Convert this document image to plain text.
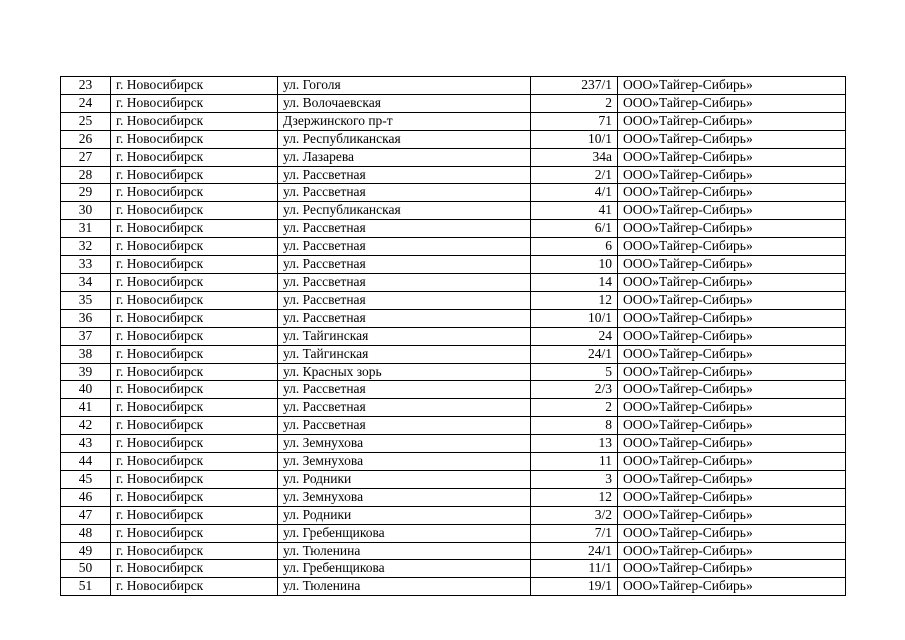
23	г. Новосибирск	ул. Гоголя	237/1	ООО»Тайгер-Сибирь»
24	г. Новосибирск	ул. Волочаевская	2	ООО»Тайгер-Сибирь»
25	г. Новосибирск	Дзержинского пр-т	71	ООО»Тайгер-Сибирь»
26	г. Новосибирск	ул. Республиканская	10/1	ООО»Тайгер-Сибирь»
27	г. Новосибирск	ул. Лазарева	34а	ООО»Тайгер-Сибирь»
28	г. Новосибирск	ул. Рассветная	2/1	ООО»Тайгер-Сибирь»
29	г. Новосибирск	ул. Рассветная	4/1	ООО»Тайгер-Сибирь»
30	г. Новосибирск	ул. Республиканская	41	ООО»Тайгер-Сибирь»
31	г. Новосибирск	ул. Рассветная	6/1	ООО»Тайгер-Сибирь»
32	г. Новосибирск	ул. Рассветная	6	ООО»Тайгер-Сибирь»
33	г. Новосибирск	ул. Рассветная	10	ООО»Тайгер-Сибирь»
34	г. Новосибирск	ул. Рассветная	14	ООО»Тайгер-Сибирь»
35	г. Новосибирск	ул. Рассветная	12	ООО»Тайгер-Сибирь»
36	г. Новосибирск	ул. Рассветная	10/1	ООО»Тайгер-Сибирь»
37	г. Новосибирск	ул. Тайгинская	24	ООО»Тайгер-Сибирь»
38	г. Новосибирск	ул. Тайгинская	24/1	ООО»Тайгер-Сибирь»
39	г. Новосибирск	ул. Красных зорь	5	ООО»Тайгер-Сибирь»
40	г. Новосибирск	ул. Рассветная	2/3	ООО»Тайгер-Сибирь»
41	г. Новосибирск	ул. Рассветная	2	ООО»Тайгер-Сибирь»
42	г. Новосибирск	ул. Рассветная	8	ООО»Тайгер-Сибирь»
43	г. Новосибирск	ул. Земнухова	13	ООО»Тайгер-Сибирь»
44	г. Новосибирск	ул. Земнухова	11	ООО»Тайгер-Сибирь»
45	г. Новосибирск	ул. Родники	3	ООО»Тайгер-Сибирь»
46	г. Новосибирск	ул. Земнухова	12	ООО»Тайгер-Сибирь»
47	г. Новосибирск	ул. Родники	3/2	ООО»Тайгер-Сибирь»
48	г. Новосибирск	ул. Гребенщикова	7/1	ООО»Тайгер-Сибирь»
49	г. Новосибирск	ул. Тюленина	24/1	ООО»Тайгер-Сибирь»
50	г. Новосибирск	ул. Гребенщикова	11/1	ООО»Тайгер-Сибирь»
51	г. Новосибирск	ул. Тюленина	19/1	ООО»Тайгер-Сибирь»
